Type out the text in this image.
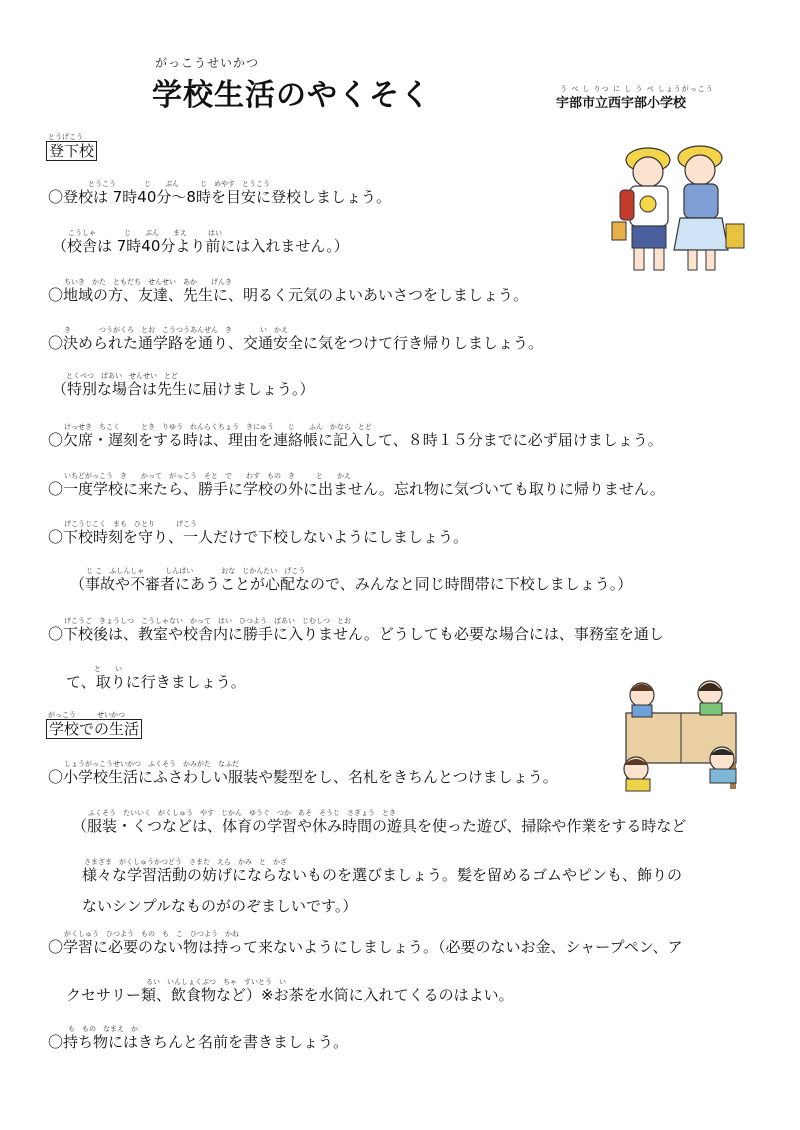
がっこうせいかつ
学校生活のやくそく	う べ し りつ に し う べ しょうがっこう
宇部市立西宇部小学校
とうげこう
登下校
とうこう　　　　じ　　ぶん　　　じ　めやす　とうこう
〇登校は 7時40分～8時を目安に登校しましょう。
こうしゃ　　　　じ　　ぶん　　まえ　　　はい
（校舎は 7時40分より前には入れません。）
ちいき　かた　ともだち　せんせい　あか　　げんき
〇地域の方、友達、先生に、明るく元気のよいあいさつをしましょう。
き　　　　つうがくろ　とお　こうつうあんぜん　き　　　　い　かえ
〇決められた通学路を通り、交通安全に気をつけて行き帰りしましょう。
とくべつ　ばあい　せんせい　とど
（特別な場合は先生に届けましょう。）
けっせき　ちこく　　　とき　りゆう　れんらくちょう　きにゅう　　じ　　ふん　かなら　とど
〇欠席・遅刻をする時は、理由を連絡帳に記入して、８時１５分までに必ず届けましょう。
いちどがっこう　き　　かって　がっこう　そと　で　　わす　もの　き　　　と　　かえ
〇一度学校に来たら、勝手に学校の外に出ません。忘れ物に気づいても取りに帰りません。
げこうじこく　まも　ひとり　　　げこう
〇下校時刻を守り、一人だけで下校しないようにしましょう。
じ こ　ふしんしゃ　　　しんぱい　　　　おな　じかんたい　げこう
（事故や不審者にあうことが心配なので、みんなと同じ時間帯に下校しましょう。）
げこうご　きょうしつ　こうしゃない　かって　はい　ひつよう　ばあい　じむしつ　とお
〇下校後は、教室や校舎内に勝手に入りません。どうしても必要な場合には、事務室を通し
と　　い
て、取りに行きましょう。
がっこう　　　せいかつ
学校での生活
しょうがっこうせいかつ　ふくそう　かみがた　なふだ
〇小学校生活にふさわしい服装や髪型をし、名札をきちんとつけましょう。
ふくそう　たいいく　がくしゅう　やす　じかん　ゆうぐ　つか　あそ　そうじ　さぎょう　とき
（服装・くつなどは、体育の学習や休み時間の遊具を使った遊び、掃除や作業をする時など
さまざま　がくしゅうかつどう　さまた　えら　かみ　と　かざ
様々な学習活動の妨げにならないものを選びましょう。髪を留めるゴムやピンも、飾りの
ないシンプルなものがのぞましいです。）
がくしゅう　ひつよう　もの　も　こ　ひつよう　かね
〇学習に必要のない物は持って来ないようにしましょう。（必要のないお金、シャープペン、ア
るい　いんしょくぶつ　ちゃ　すいとう　い
クセサリー類、飲食物など）※お茶を水筒に入れてくるのはよい。
も　もの　なまえ　か
〇持ち物にはきちんと名前を書きましょう。
